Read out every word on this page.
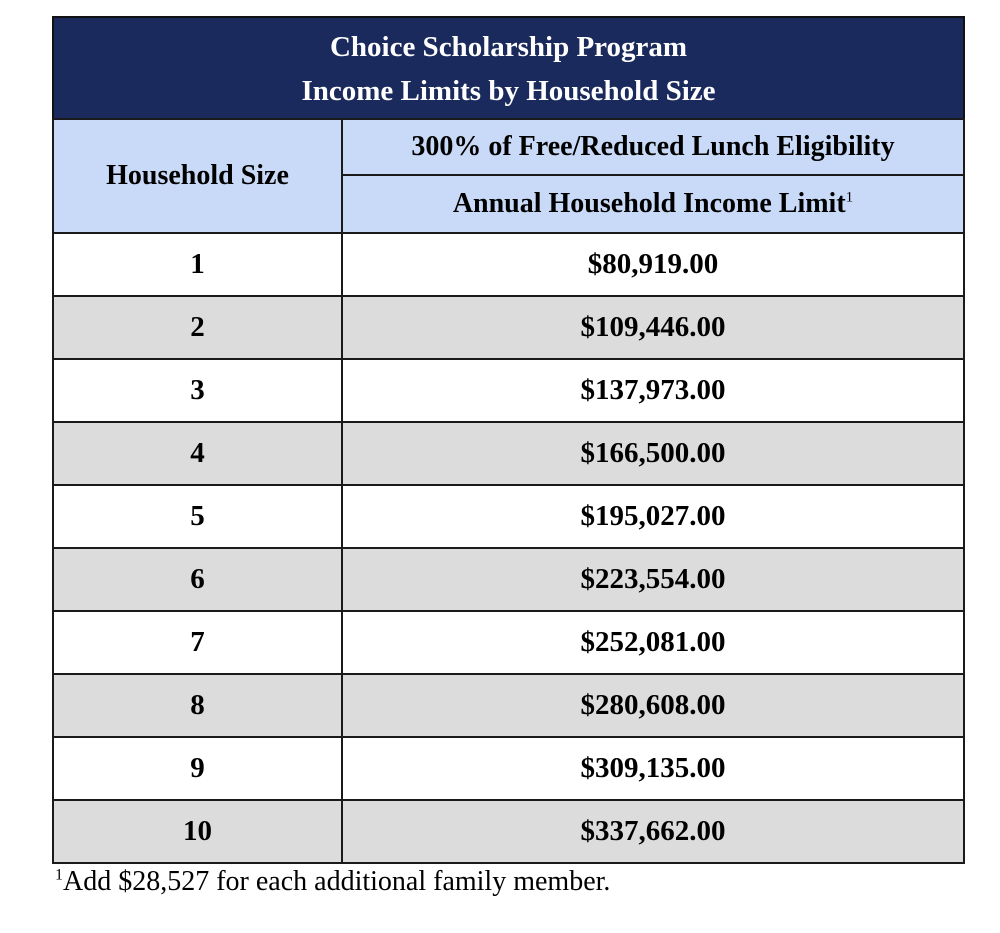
Choice Scholarship Program
Income Limits by Household Size
Household Size	300% of Free/Reduced Lunch Eligibility
	Annual Household Income Limit$^1$
1	$80,919.00
2	$109,446.00
3	$137,973.00
4	$166,500.00
5	$195,027.00
6	$223,554.00
7	$252,081.00
8	$280,608.00
9	$309,135.00
10	$337,662.00
$^1$Add $28,527 for each additional family member.
